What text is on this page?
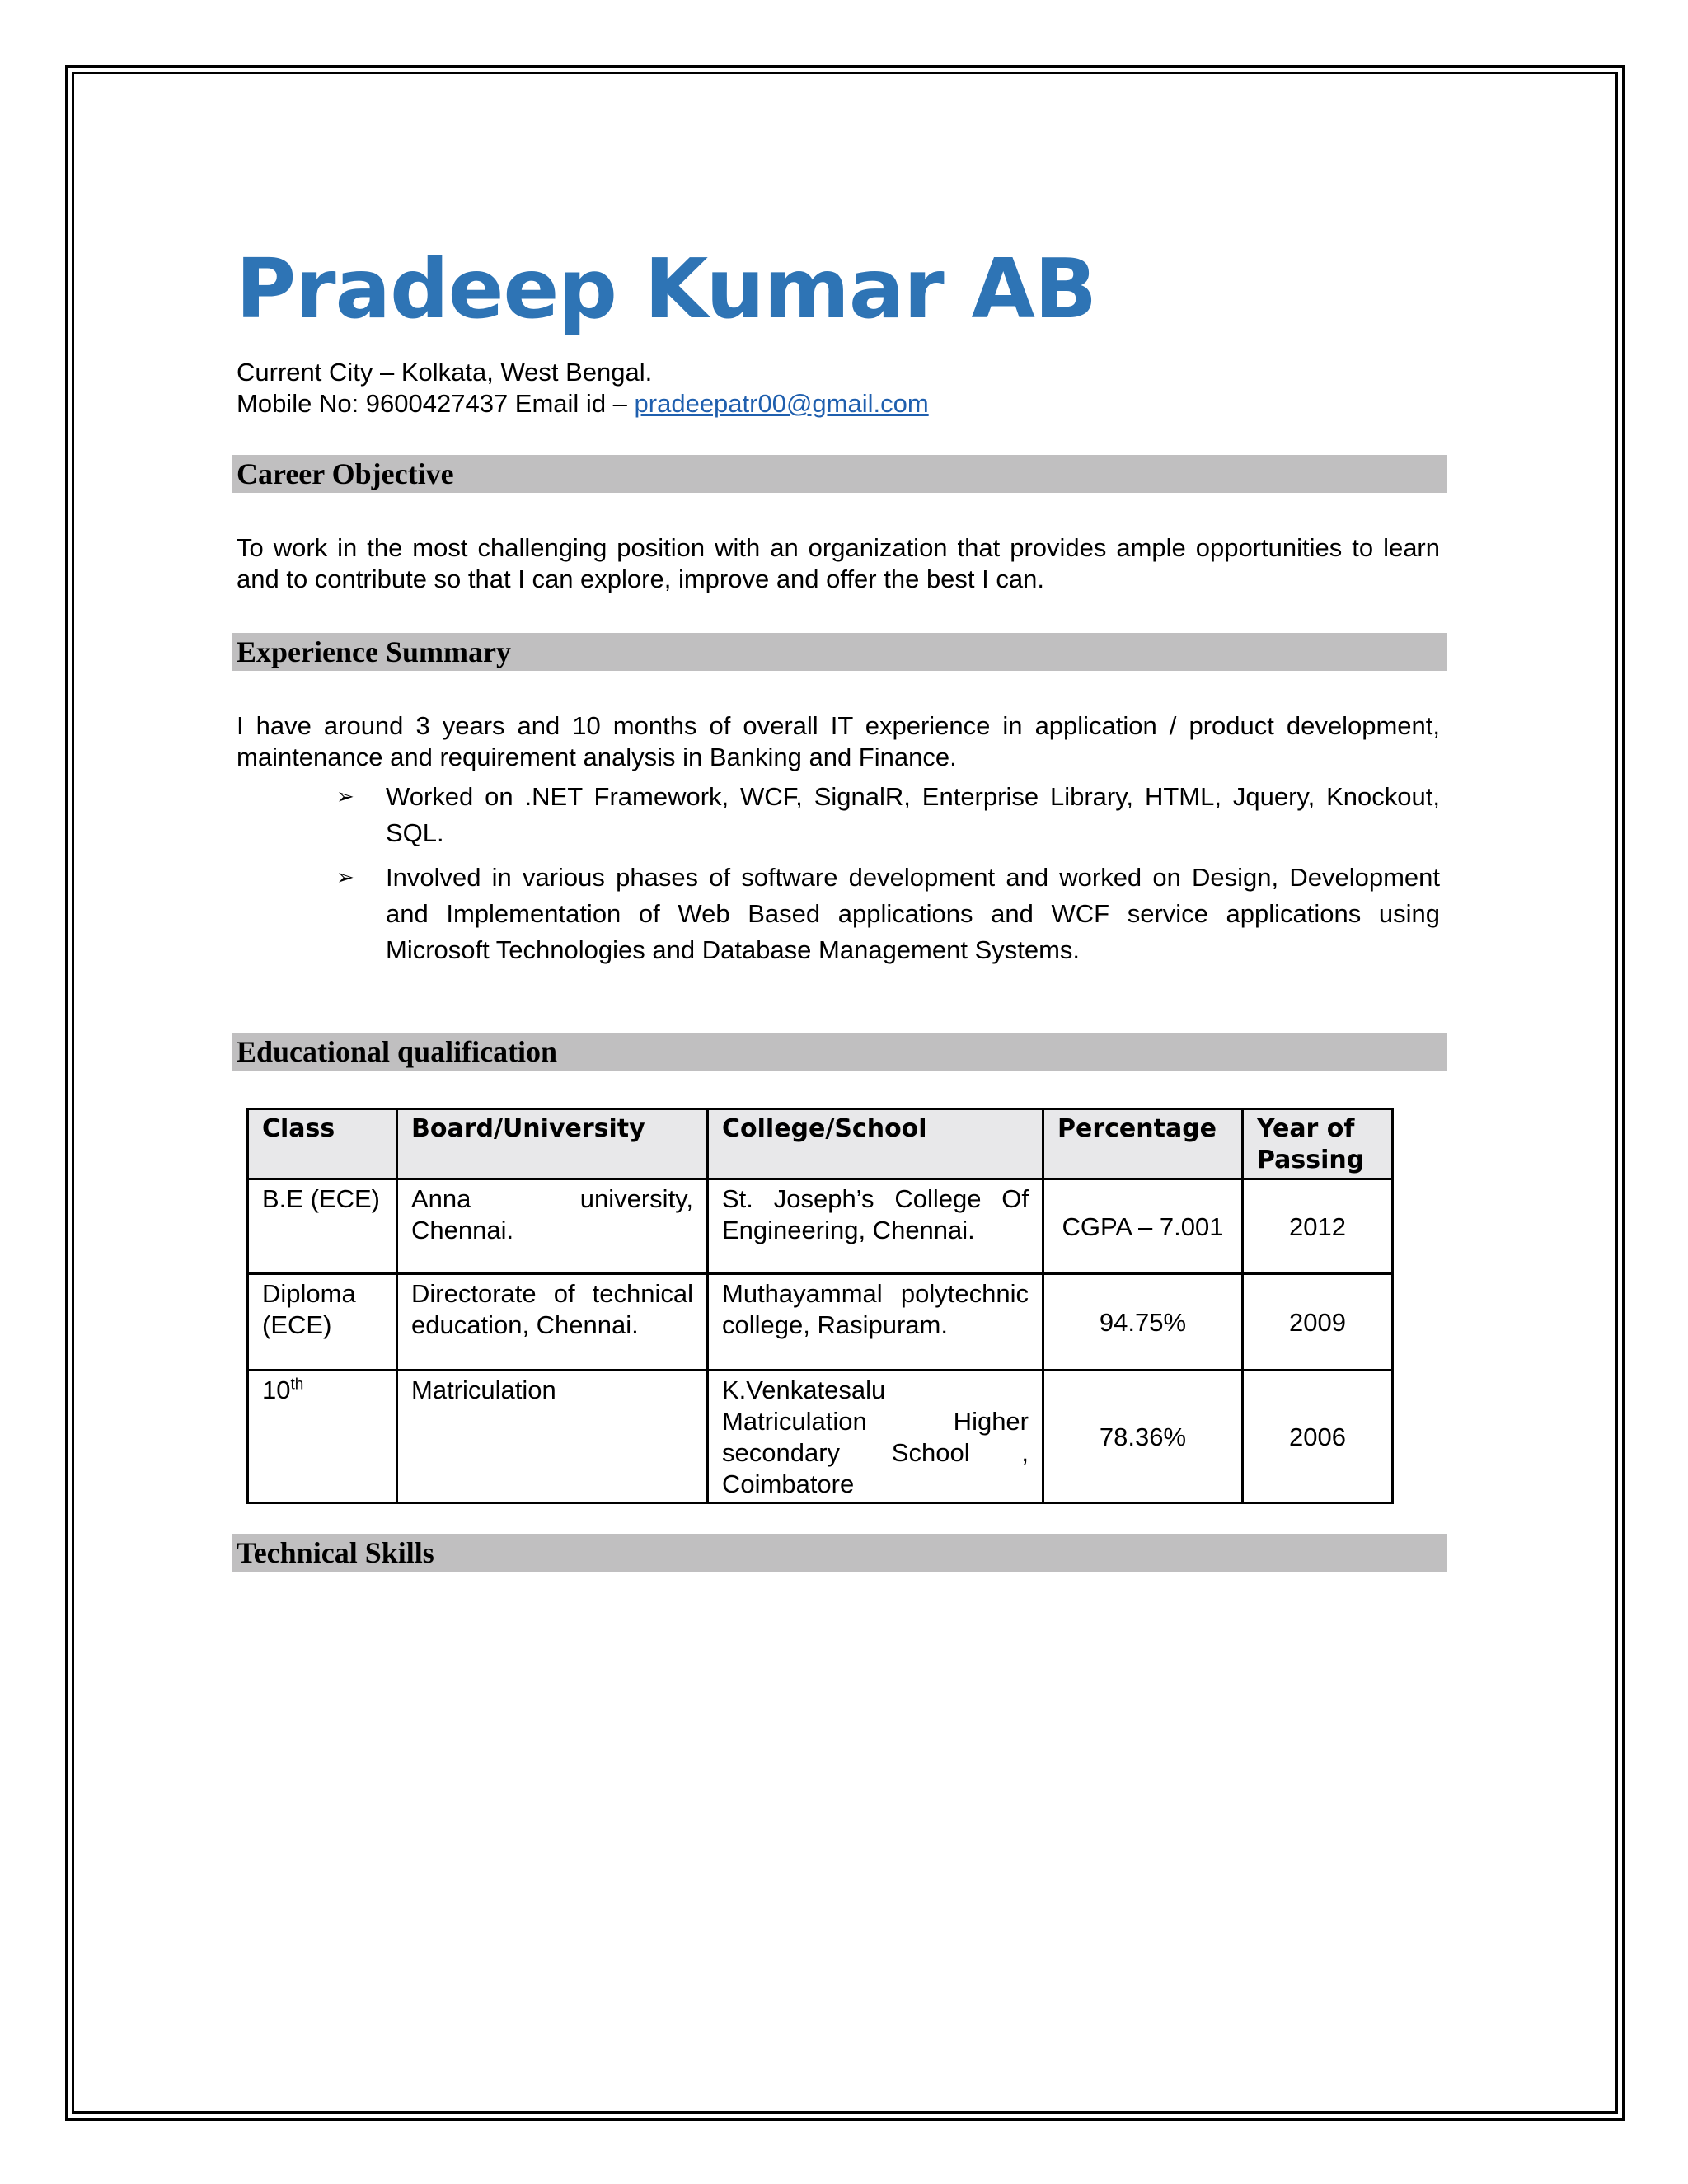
Pradeep Kumar AB
Current City – Kolkata, West Bengal.
Mobile No: 9600427437 Email id – pradeepatr00@gmail.com
Career Objective

To work in the most challenging position with an organization that provides ample opportunities to learn and to contribute so that I can explore, improve and offer the best I can.

Experience Summary

I have around 3 years and 10 months of overall IT experience in application / product development, maintenance and requirement analysis in Banking and Finance.

➢ Worked on .NET Framework, WCF, SignalR, Enterprise Library, HTML, Jquery, Knockout, SQL.
➢ Involved in various phases of software development and worked on Design, Development and Implementation of Web Based applications and WCF service applications using Microsoft Technologies and Database Management Systems.
Educational qualification
Class	Board/University	College/School	Percentage	Year of Passing
B.E (ECE)	Anna university, Chennai.	St. Joseph’s College Of Engineering, Chennai.	CGPA – 7.001	2012
Diploma (ECE)	Directorate of technical education, Chennai.	Muthayammal polytechnic college, Rasipuram.	94.75%	2009
10th	Matriculation	K.Venkatesalu Matriculation Higher secondary School , Coimbatore	78.36%	2006
Technical Skills
